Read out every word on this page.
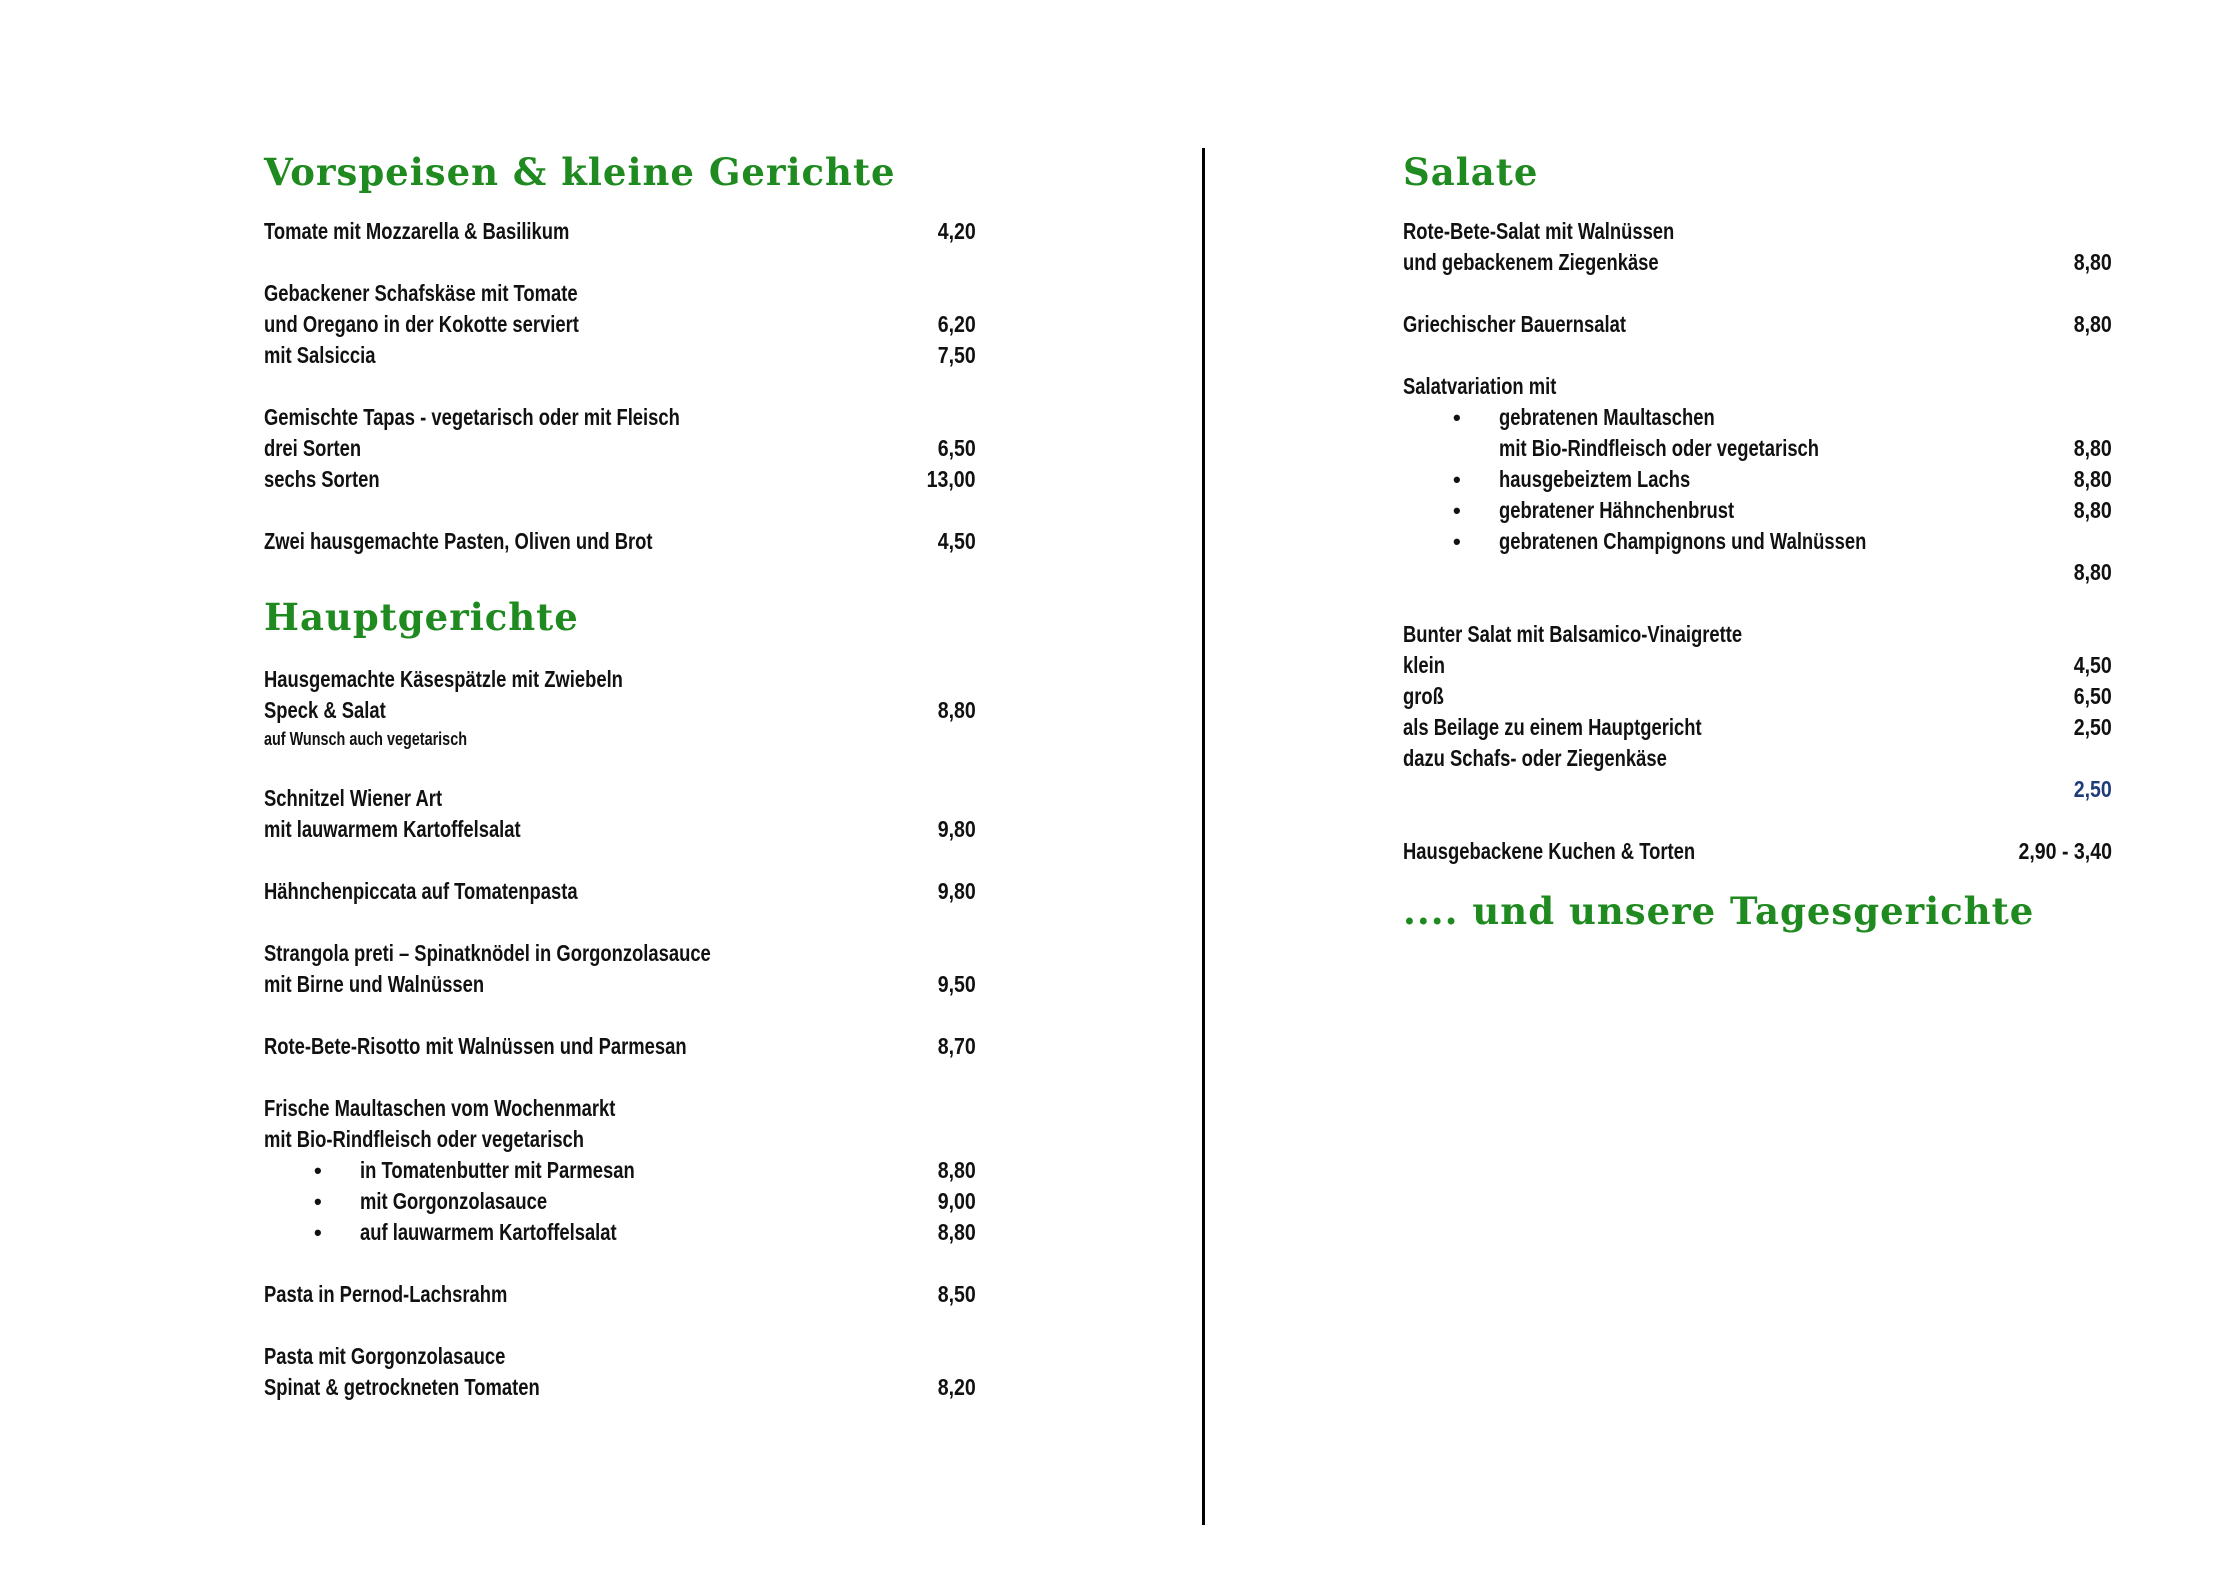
Vorspeisen & kleine Gerichte
Tomate mit Mozzarella & Basilikum	4,20
Gebackener Schafskäse mit Tomate
und Oregano in der Kokotte serviert	6,20
mit Salsiccia	7,50
Gemischte Tapas - vegetarisch oder mit Fleisch
drei Sorten	6,50
sechs Sorten	13,00
Zwei hausgemachte Pasten, Oliven und Brot	4,50
Hauptgerichte
Hausgemachte Käsespätzle mit Zwiebeln
Speck & Salat	8,80
auf Wunsch auch vegetarisch
Schnitzel Wiener Art
mit lauwarmem Kartoffelsalat	9,80
Hähnchenpiccata auf Tomatenpasta	9,80
Strangola preti – Spinatknödel in Gorgonzolasauce
mit Birne und Walnüssen	9,50
Rote-Bete-Risotto mit Walnüssen und Parmesan	8,70
Frische Maultaschen vom Wochenmarkt
mit Bio-Rindfleisch oder vegetarisch
• in Tomatenbutter mit Parmesan	8,80
• mit Gorgonzolasauce	9,00
• auf lauwarmem Kartoffelsalat	8,80
Pasta in Pernod-Lachsrahm	8,50
Pasta mit Gorgonzolasauce
Spinat & getrockneten Tomaten	8,20
Salate
Rote-Bete-Salat mit Walnüssen
und gebackenem Ziegenkäse	8,80
Griechischer Bauernsalat	8,80
Salatvariation mit
• gebratenen Maultaschen
mit Bio-Rindfleisch oder vegetarisch	8,80
• hausgebeiztem Lachs	8,80
• gebratener Hähnchenbrust	8,80
• gebratenen Champignons und Walnüssen
8,80
Bunter Salat mit Balsamico-Vinaigrette
klein	4,50
groß	6,50
als Beilage zu einem Hauptgericht	2,50
dazu Schafs- oder Ziegenkäse
2,50
Hausgebackene Kuchen & Torten	2,90 - 3,40
.... und unsere Tagesgerichte
